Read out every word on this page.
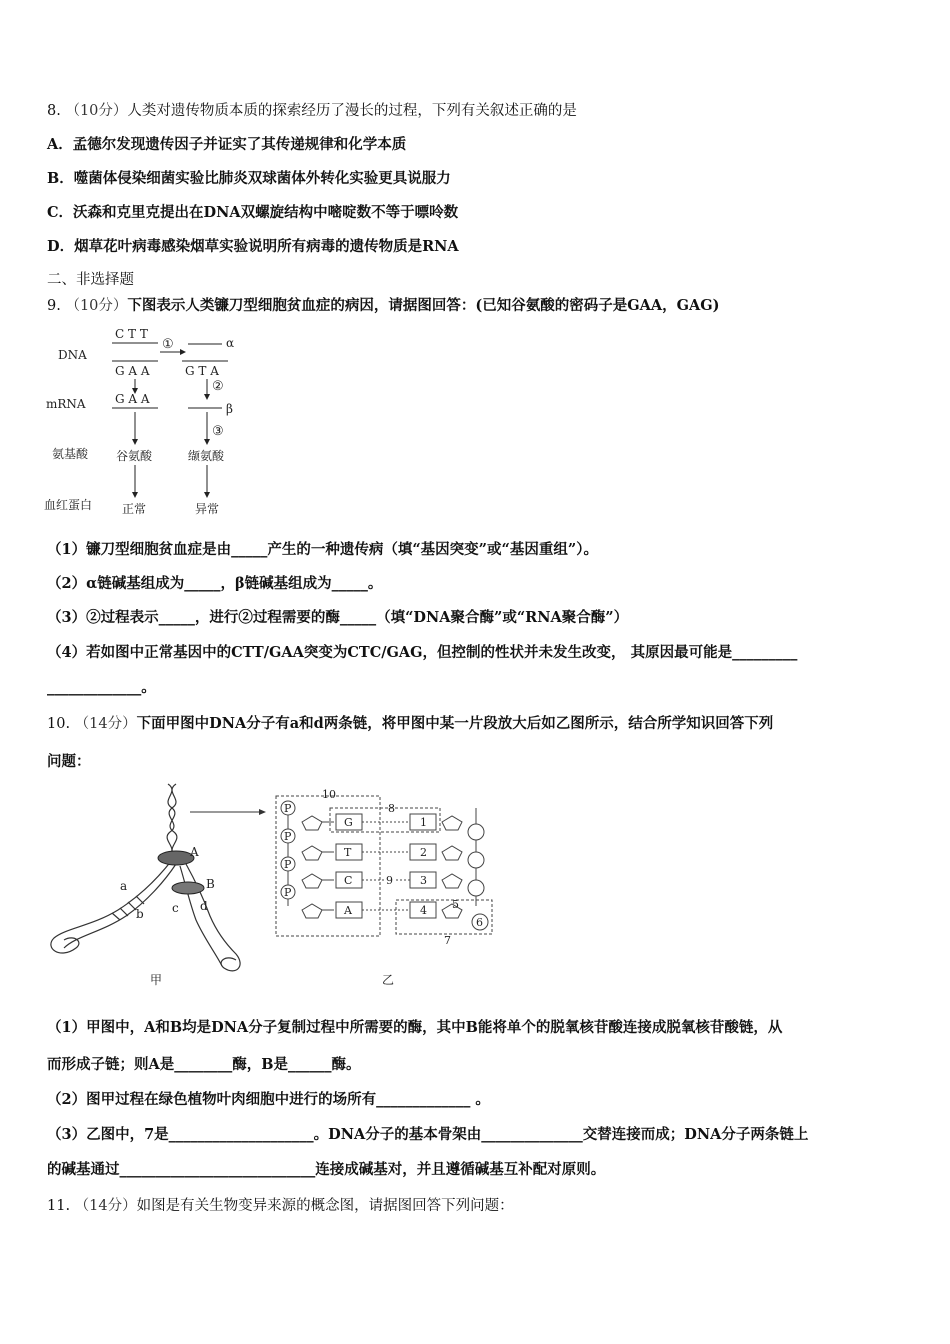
8. （10分）人类对遗传物质本质的探索经历了漫长的过程，下列有关叙述正确的是
A．孟德尔发现遗传因子并证实了其传递规律和化学本质
B．噬菌体侵染细菌实验比肺炎双球菌体外转化实验更具说服力
C．沃森和克里克提出在DNA双螺旋结构中嘧啶数不等于嘌呤数
D．烟草花叶病毒感染烟草实验说明所有病毒的遗传物质是RNA
二、非选择题
9. （10分）下图表示人类镰刀型细胞贫血症的病因，请据图回答：(已知谷氨酸的密码子是GAA，GAG)
DNA
mRNA
氨基酸
血红蛋白
C T T
G A A
①	α
G T A
G A A
②
β
③
谷氨酸	缬氨酸
正常	异常
（1）镰刀型细胞贫血症是由_____产生的一种遗传病（填“基因突变”或“基因重组”）。
（2）α链碱基组成为_____，β链碱基组成为_____。
（3）②过程表示_____，进行②过程需要的酶_____（填“DNA聚合酶”或“RNA聚合酶”）
（4）若如图中正常基因中的CTT/GAA突变为CTC/GAG，但控制的性状并未发生改变， 其原因最可能是_________
_____________。
10. （14分）下面甲图中DNA分子有a和d两条链，将甲图中某一片段放大后如乙图所示，结合所学知识回答下列
问题：
A
B
a
b c d
甲	乙
P
G	1
P
T	2
P
C	9 3
P
A	4
6
5
10
8
7
（1）甲图中，A和B均是DNA分子复制过程中所需要的酶，其中B能将单个的脱氧核苷酸连接成脱氧核苷酸链，从
而形成子链；则A是________酶，B是______酶。
（2）图甲过程在绿色植物叶肉细胞中进行的场所有_____________ 。
（3）乙图中，7是____________________。DNA分子的基本骨架由______________交替连接而成；DNA分子两条链上
的碱基通过___________________________连接成碱基对，并且遵循碱基互补配对原则。
11. （14分）如图是有关生物变异来源的概念图，请据图回答下列问题：
